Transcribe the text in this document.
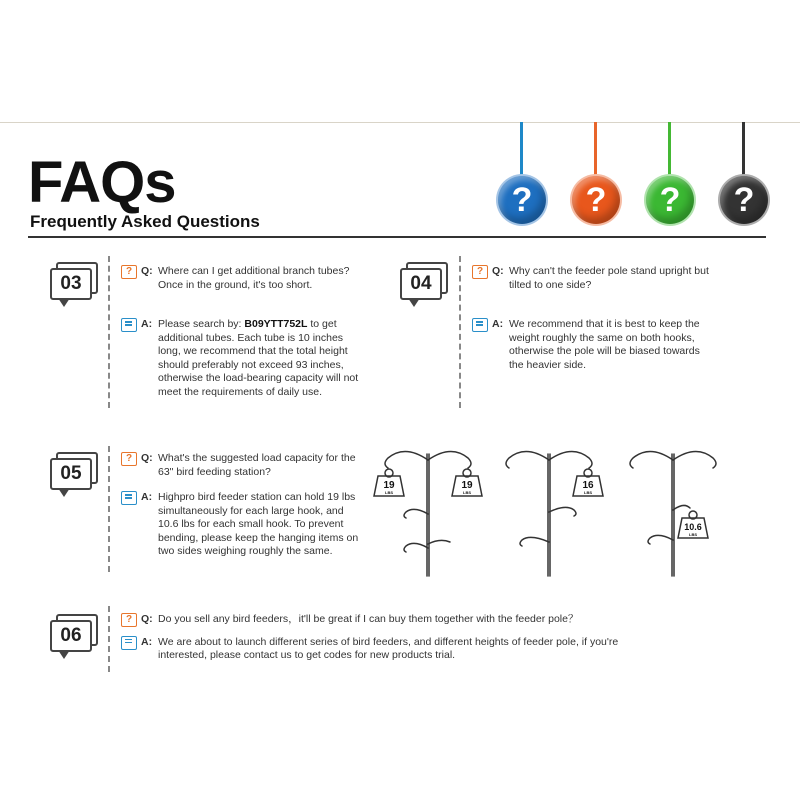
FAQs
Frequently Asked Questions
?	?	?	?
03
? Q: Where can I get additional branch tubes? Once in the ground, it's too short.

A: Please search by: B09YTT752L to get additional tubes. Each tube is 10 inches long, we recommend that the total height should preferably not exceed 93 inches, otherwise the load-bearing capacity will not meet the requirements of daily use.

04
? Q: Why can't the feeder pole stand upright but tilted to one side?

A: We recommend that it is best to keep the weight roughly the same on both hooks, otherwise the pole will be biased towards the heavier side.

05
? Q: What's the suggested load capacity for the 63" bird feeding station?

A: Highpro bird feeder station can hold 19 lbs simultaneously for each large hook, and 10.6 lbs for each small hook. To prevent bending, please keep the hanging items on two sides weighing roughly the same.

19
LBS
19
LBS
16
LBS
10.6
LBS
06
? Q: Do you sell any bird feeders，it'll be great if I can buy them together with the feeder pole？

A: We are about to launch different series of bird feeders, and different heights of feeder pole, if you're interested, please contact us to get codes for new products trial.
